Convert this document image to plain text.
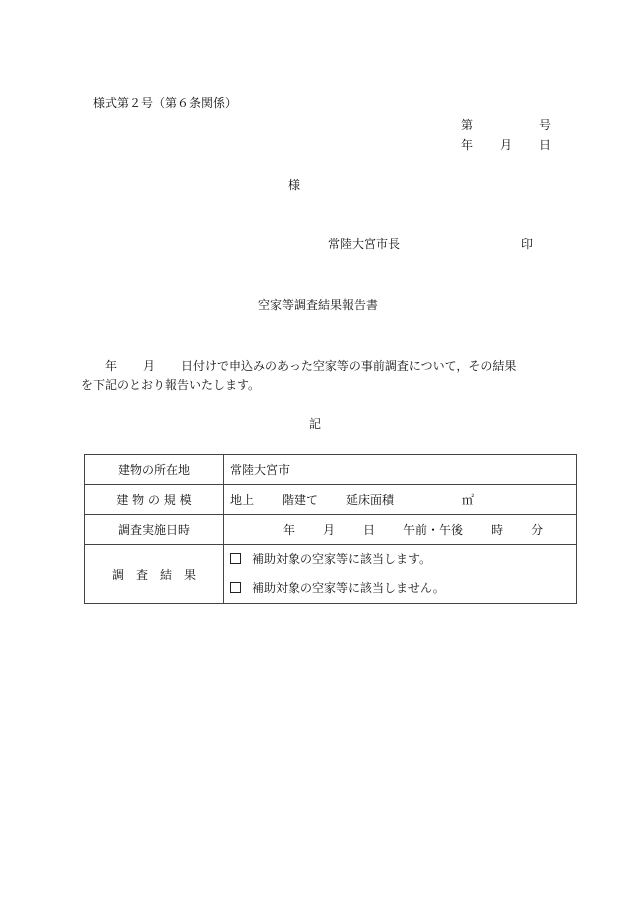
様式第２号（第６条関係）
第	号
年 月 日
様
常陸大宮市長	印
空家等調査結果報告書
年 月 日付けで申込みのあった空家等の事前調査について，その結果
を下記のとおり報告いたします。
記
建物の所在地	常陸大宮市
建 物 の 規 模	地上 階建て 延床面積 ㎡
調査実施日時	年 月 日 午前・午後 時 分
調　査　結　果	補助対象の空家等に該当します。
補助対象の空家等に該当しません。
